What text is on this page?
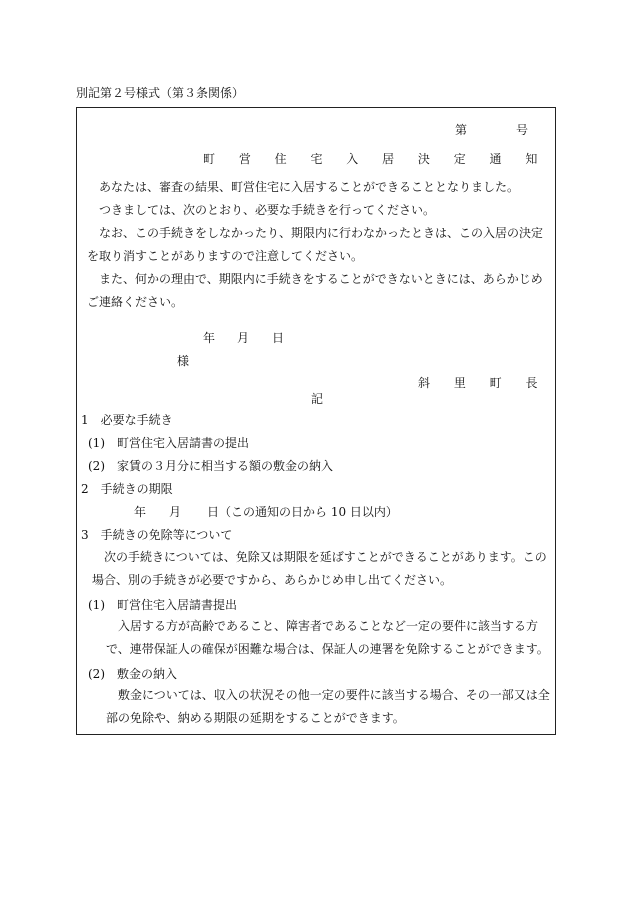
別記第２号様式（第３条関係）
第	号
町 営 住 宅 入 居 決 定 通 知

あなたは、審査の結果、町営住宅に入居することができることとなりました。

つきましては、次のとおり、必要な手続きを行ってください。

なお、この手続きをしなかったり、期限内に行わなかったときは、この入居の決定を取り消すことがありますので注意してください。

また、何かの理由で、期限内に手続きをすることができないときには、あらかじめご連絡ください。

年 月 日
様
斜 里 町 長
記
1　必要な手続き
(1)　町営住宅入居請書の提出
(2)　家賃の３月分に相当する額の敷金の納入
2　手続きの期限
年 月 日（この通知の日から 10 日以内）
3　手続きの免除等について

次の手続きについては、免除又は期限を延ばすことができることがあります。この場合、別の手続きが必要ですから、あらかじめ申し出てください。

(1)　町営住宅入居請書提出

入居する方が高齢であること、障害者であることなど一定の要件に該当する方で、連帯保証人の確保が困難な場合は、保証人の連署を免除することができます。

(2)　敷金の納入

敷金については、収入の状況その他一定の要件に該当する場合、その一部又は全部の免除や、納める期限の延期をすることができます。
